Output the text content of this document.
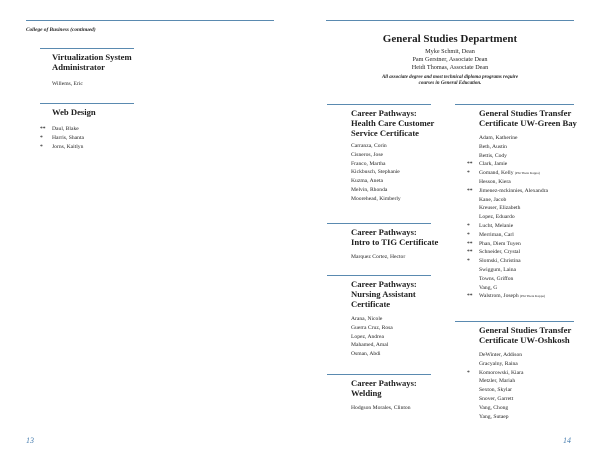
College of Business (continued)
Virtualization System
Administrator
Willems, Eric
Web Design
** Daul, Blake
* Harris, Shanta
* Jorns, Kaitlyn
13
General Studies Department
Myke Schmit, Dean
Pam Gerstner, Associate Dean
Heidi Thomas, Associate Dean
All associate degree and most technical diploma programs require
courses in General Education.
Career Pathways:
Health Care Customer
Service Certificate
Carranza, Corin
Cisneros, Jose
Franco, Martha
Kickbusch, Stephanie
Kuzma, Aneta
Melvin, Rhonda
Moorehead, Kimberly
Career Pathways:
Intro to TIG Certificate
Marquez Cortez, Hector
Career Pathways:
Nursing Assistant
Certificate
Arana, Nicole
Guerra Cruz, Rosa
Lopez, Andrea
Mahamed, Amal
Osman, Abdi
Career Pathways:
Welding
Hodgson Morales, Clinton
General Studies Transfer
Certificate UW-Green Bay
Adam, Katherine
Beth, Austin
Bettis, Cody
** Clark, Jamie
* Gomand, Kelly (Phi Theta Kappa)
Hesson, Kiera
** Jimenez-mckinnies, Alexandra
Kane, Jacob
Kreuser, Elizabeth
Lopez, Eduardo
* Lucht, Melanie
* Merriman, Carl
** Phan, Diem Tuyen
** Schneider, Crystal
* Slomski, Christina
Swiggum, Laina
Towns, Griffon
Vang, G
** Walstrom, Joseph (Phi Theta Kappa)
General Studies Transfer
Certificate UW-Oshkosh
DeWinter, Addison
Gracyalny, Raina
* Komorowski, Kiara
Metzler, Mariah
Sexton, Skylar
Snover, Garrett
Vang, Chong
Yang, Sutaep
14
